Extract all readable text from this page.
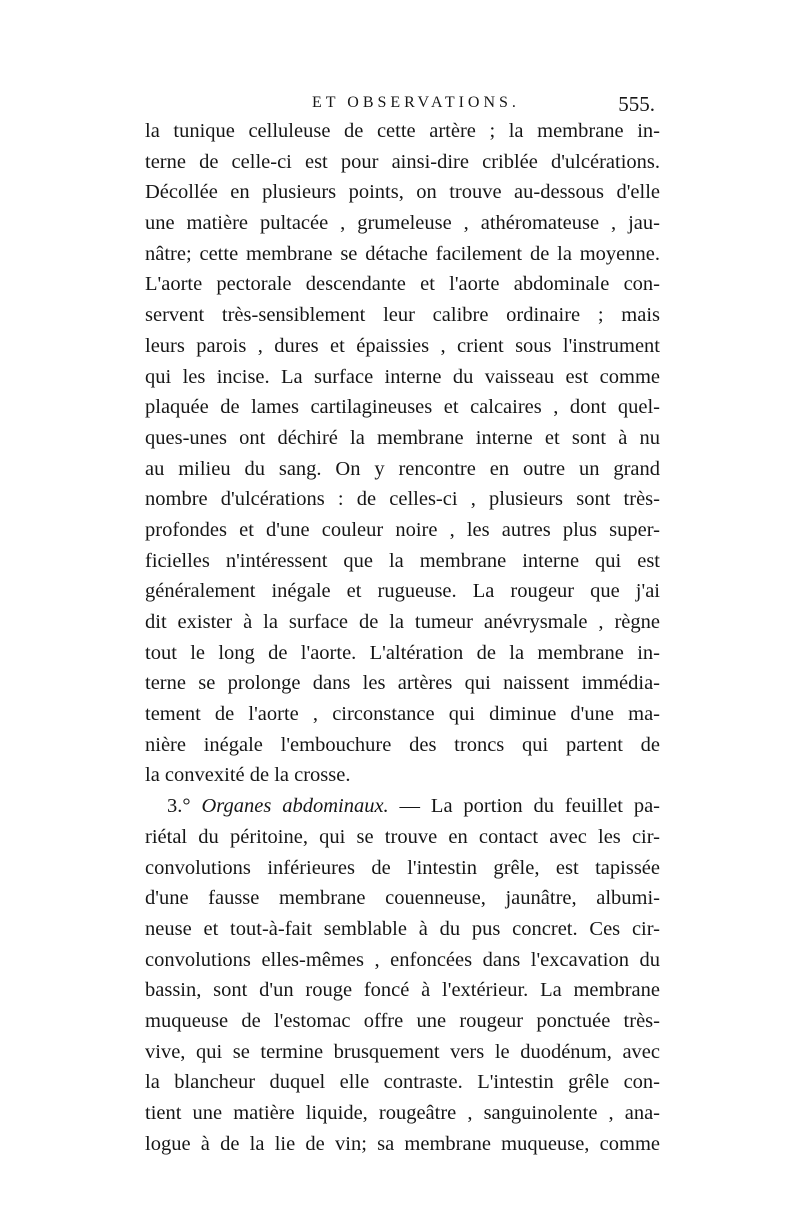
ET OBSERVATIONS.	555.
la tunique celluleuse de cette artère ; la membrane in-
terne de celle-ci est pour ainsi-dire criblée d'ulcérations.
Décollée en plusieurs points, on trouve au-dessous d'elle
une matière pultacée , grumeleuse , athéromateuse , jau-
nâtre; cette membrane se détache facilement de la moyenne.
L'aorte pectorale descendante et l'aorte abdominale con-
servent très-sensiblement leur calibre ordinaire ; mais
leurs parois , dures et épaissies , crient sous l'instrument
qui les incise. La surface interne du vaisseau est comme
plaquée de lames cartilagineuses et calcaires , dont quel-
ques-unes ont déchiré la membrane interne et sont à nu
au milieu du sang. On y rencontre en outre un grand
nombre d'ulcérations : de celles-ci , plusieurs sont très-
profondes et d'une couleur noire , les autres plus super-
ficielles n'intéressent que la membrane interne qui est
généralement inégale et rugueuse. La rougeur que j'ai
dit exister à la surface de la tumeur anévrysmale , règne
tout le long de l'aorte. L'altération de la membrane in-
terne se prolonge dans les artères qui naissent immédia-
tement de l'aorte , circonstance qui diminue d'une ma-
nière inégale l'embouchure des troncs qui partent de
la convexité de la crosse.
3.° Organes abdominaux. — La portion du feuillet pa-
riétal du péritoine, qui se trouve en contact avec les cir-
convolutions inférieures de l'intestin grêle, est tapissée
d'une fausse membrane couenneuse, jaunâtre, albumi-
neuse et tout-à-fait semblable à du pus concret. Ces cir-
convolutions elles-mêmes , enfoncées dans l'excavation du
bassin, sont d'un rouge foncé à l'extérieur. La membrane
muqueuse de l'estomac offre une rougeur ponctuée très-
vive, qui se termine brusquement vers le duodénum, avec
la blancheur duquel elle contraste. L'intestin grêle con-
tient une matière liquide, rougeâtre , sanguinolente , ana-
logue à de la lie de vin; sa membrane muqueuse, comme
